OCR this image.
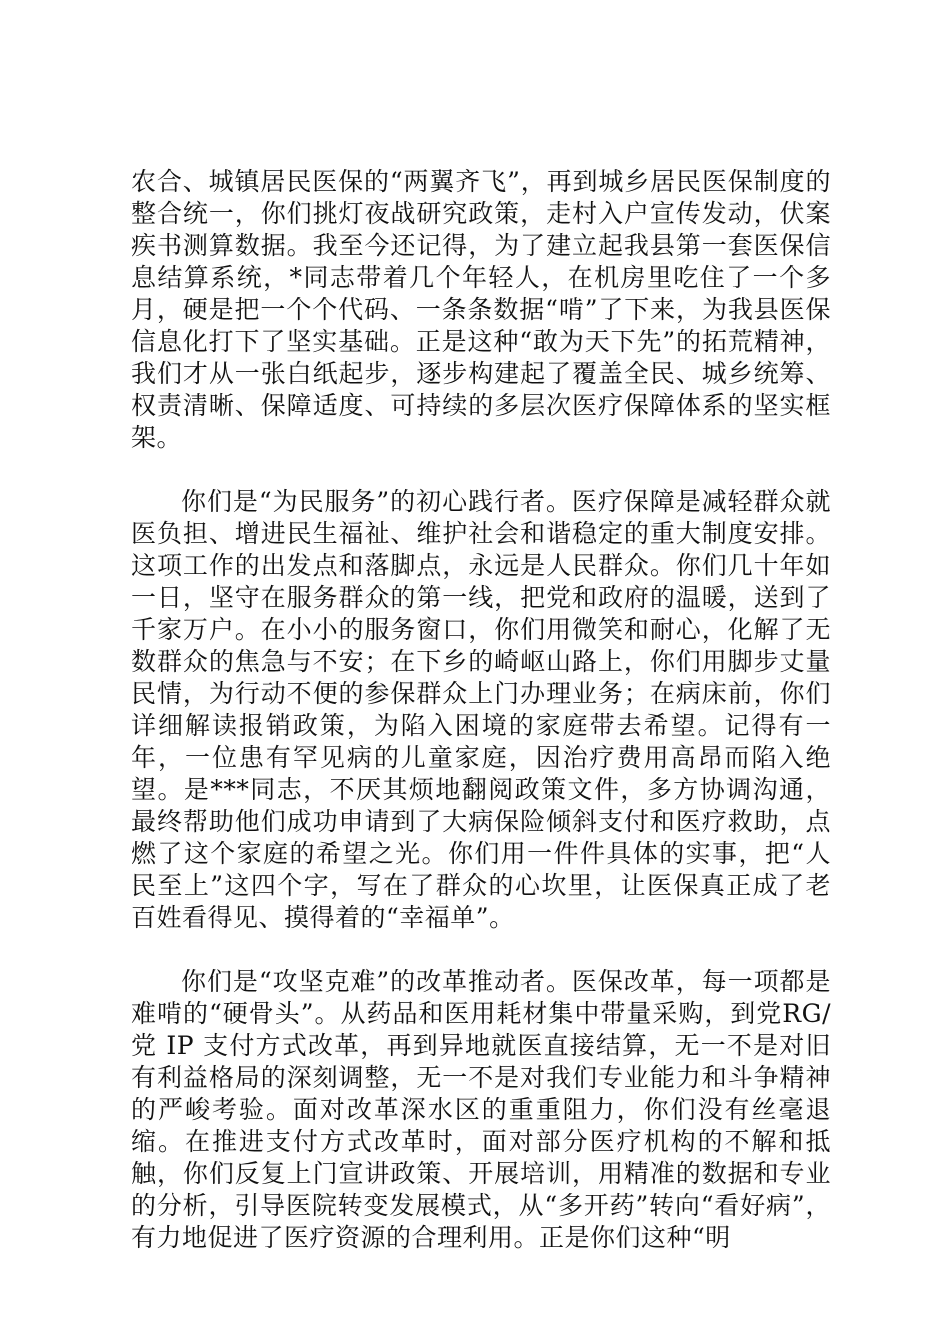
农合、城镇居民医保的“两翼齐飞”，再到城乡居民医保制度的整合统一，你们挑灯夜战研究政策，走村入户宣传发动，伏案疾书测算数据。我至今还记得，为了建立起我县第一套医保信息结算系统，*同志带着几个年轻人，在机房里吃住了一个多月，硬是把一个个代码、一条条数据“啃”了下来，为我县医保信息化打下了坚实基础。正是这种“敢为天下先”的拓荒精神，我们才从一张白纸起步，逐步构建起了覆盖全民、城乡统筹、权责清晰、保障适度、可持续的多层次医疗保障体系的坚实框架。

你们是“为民服务”的初心践行者。医疗保障是减轻群众就医负担、增进民生福祉、维护社会和谐稳定的重大制度安排。这项工作的出发点和落脚点，永远是人民群众。你们几十年如一日，坚守在服务群众的第一线，把党和政府的温暖，送到了千家万户。在小小的服务窗口，你们用微笑和耐心，化解了无数群众的焦急与不安；在下乡的崎岖山路上，你们用脚步丈量民情，为行动不便的参保群众上门办理业务；在病床前，你们详细解读报销政策，为陷入困境的家庭带去希望。记得有一年，一位患有罕见病的儿童家庭，因治疗费用高昂而陷入绝望。是***同志，不厌其烦地翻阅政策文件，多方协调沟通，最终帮助他们成功申请到了大病保险倾斜支付和医疗救助，点燃了这个家庭的希望之光。你们用一件件具体的实事，把“人民至上”这四个字，写在了群众的心坎里，让医保真正成了老百姓看得见、摸得着的“幸福单”。

你们是“攻坚克难”的改革推动者。医保改革，每一项都是难啃的“硬骨头”。从药品和医用耗材集中带量采购，到党RG/党 IP 支付方式改革，再到异地就医直接结算，无一不是对旧有利益格局的深刻调整，无一不是对我们专业能力和斗争精神的严峻考验。面对改革深水区的重重阻力，你们没有丝毫退缩。在推进支付方式改革时，面对部分医疗机构的不解和抵触，你们反复上门宣讲政策、开展培训，用精准的数据和专业的分析，引导医院转变发展模式，从“多开药”转向“看好病”，有力地促进了医疗资源的合理利用。正是你们这种“明
